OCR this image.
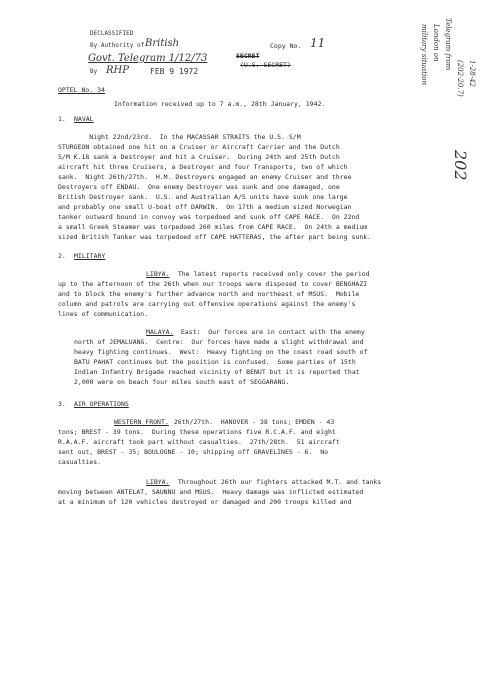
DECLASSIFIED
By Authority of British
Govt. Telegram 1/12/73
By RHP	FEB 9 1972
Copy No. 11
SECRET
(U.S. SECRET)	Telegram from
London on
military situation	1-28-42
(202-20.7)
202
OPTEL No. 34
Information received up to 7 a.m., 28th January, 1942.
1. NAVAL
Night 22nd/23rd.  In the MACASSAR STRAITS the U.S. S/M
STURGEON obtained one hit on a Cruiser or Aircraft Carrier and the Dutch
S/M K.18 sank a Destroyer and hit a Cruiser.  During 24th and 25th Dutch
aircraft hit three Cruisers, a Destroyer and four Transports, two of which
sank.  Night 26th/27th.  H.M. Destroyers engaged an enemy Cruiser and three
Destroyers off ENDAU.  One enemy Destroyer was sunk and one damaged, one
British Destroyer sank.  U.S. and Australian A/S units have sunk one large
and probably one small U-boat off DARWIN.  On 17th a medium sized Norwegian
tanker outward bound in convoy was torpedoed and sunk off CAPE RACE.  On 22nd
a small Greek Steamer was torpedoed 260 miles from CAPE RACE.  On 24th a medium
sized British Tanker was torpedoed off CAPE HATTERAS, the after part being sunk.
2. MILITARY
LIBYA. The latest reports received only cover the period
up to the afternoon of the 26th when our troops were disposed to cover BENGHAZI
and to block the enemy's further advance north and northeast of MSUS.  Mobile
column and patrols are carrying out offensive operations against the enemy's
lines of communication.
MALAYA. East:  Our forces are in contact with the enemy
north of JEMALUANG.  Centre:  Our forces have made a slight withdrawal and
heavy fighting continues.  West:  Heavy fighting on the coast road south of
BATU PAHAT continues but the position is confused.  Some parties of 15th
Indian Infantry Brigade reached vicinity of BENUT but it is reported that
2,000 were on beach four miles south east of SEGGARANG.
3. AIR OPERATIONS
WESTERN FRONT.
26th/27th.  HANOVER - 38 tons; EMDEN - 43
tons; BREST - 39 tons.  During these operations five R.C.A.F. and eight
R.A.A.F. aircraft took part without casualties.  27th/28th.  51 aircraft
sent out, BREST - 35; BOULOGNE - 10; shipping off GRAVELINES - 6.  No
casualties.
LIBYA. Throughout 26th our fighters attacked M.T. and tanks
moving between ANTELAT, SAUNNU and MSUS.  Heavy damage was inflicted estimated
at a minimum of 120 vehicles destroyed or damaged and 200 troops killed and
